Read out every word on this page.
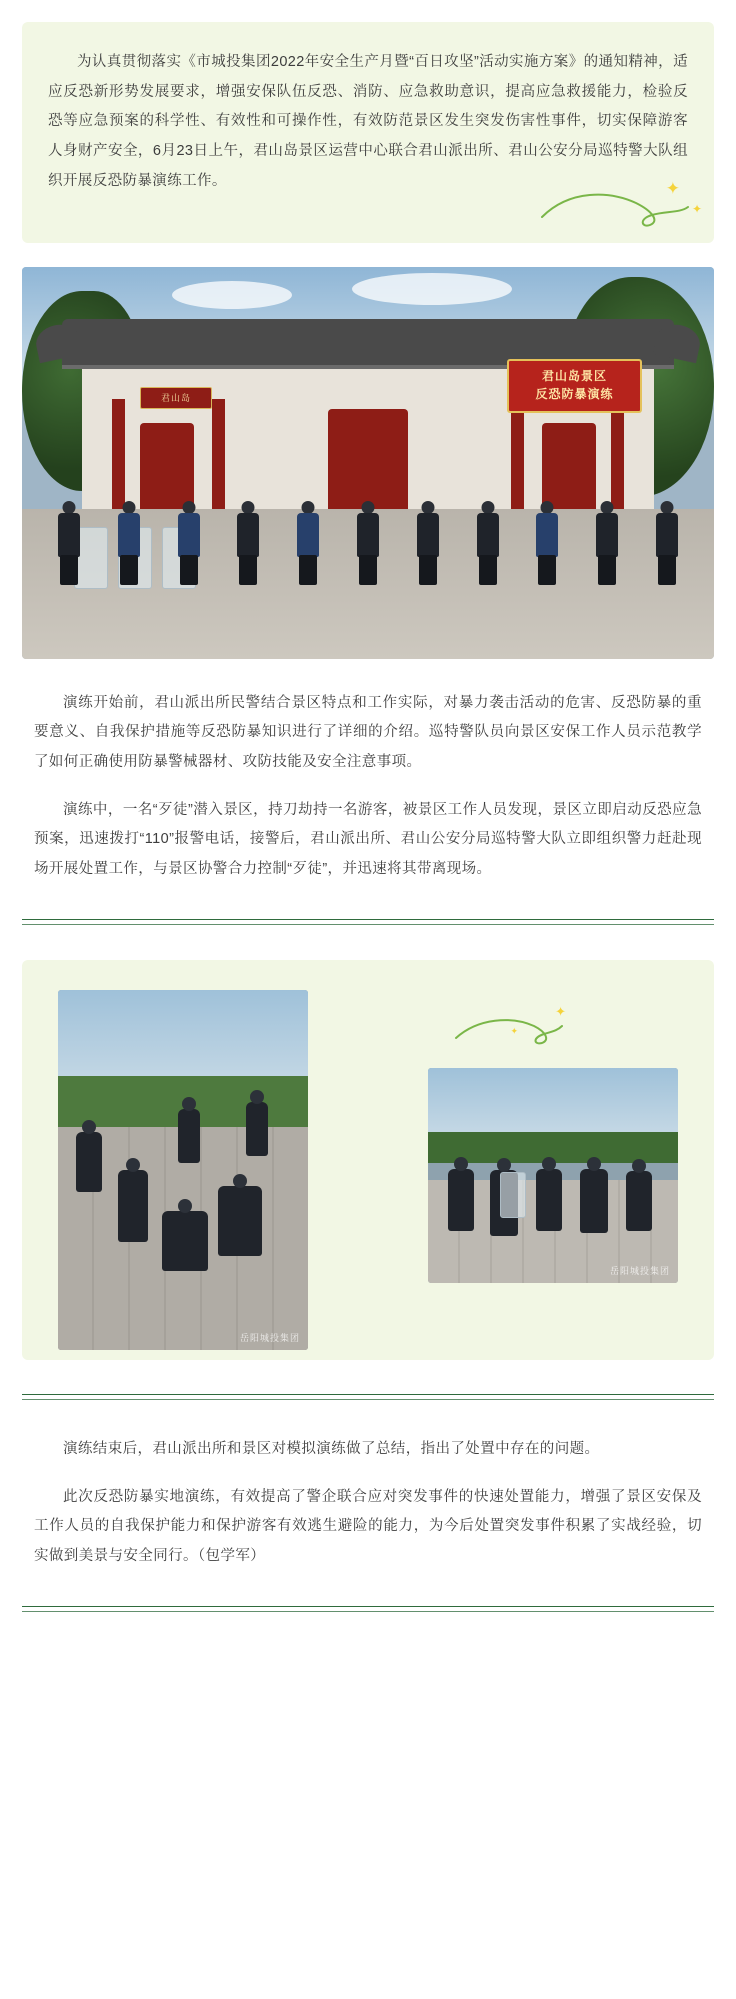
为认真贯彻落实《市城投集团2022年安全生产月暨“百日攻坚”活动实施方案》的通知精神，适应反恐新形势发展要求，增强安保队伍反恐、消防、应急救助意识，提高应急救援能力，检验反恐等应急预案的科学性、有效性和可操作性，有效防范景区发生突发伤害性事件，切实保障游客人身财产安全，6月23日上午，君山岛景区运营中心联合君山派出所、君山公安分局巡特警大队组织开展反恐防暴演练工作。	✦
✦
君山岛
君山岛景区
反恐防暴演练

演练开始前，君山派出所民警结合景区特点和工作实际，对暴力袭击活动的危害、反恐防暴的重要意义、自我保护措施等反恐防暴知识进行了详细的介绍。巡特警队员向景区安保工作人员示范教学了如何正确使用防暴警械器材、攻防技能及安全注意事项。

演练中，一名“歹徒”潜入景区，持刀劫持一名游客，被景区工作人员发现，景区立即启动反恐应急预案，迅速拨打“110”报警电话，接警后，君山派出所、君山公安分局巡特警大队立即组织警力赶赴现场开展处置工作，与景区协警合力控制“歹徒”，并迅速将其带离现场。

✦
✦
岳阳城投集团
岳阳城投集团

演练结束后，君山派出所和景区对模拟演练做了总结，指出了处置中存在的问题。

此次反恐防暴实地演练，有效提高了警企联合应对突发事件的快速处置能力，增强了景区安保及工作人员的自我保护能力和保护游客有效逃生避险的能力，为今后处置突发事件积累了实战经验，切实做到美景与安全同行。（包学军）
